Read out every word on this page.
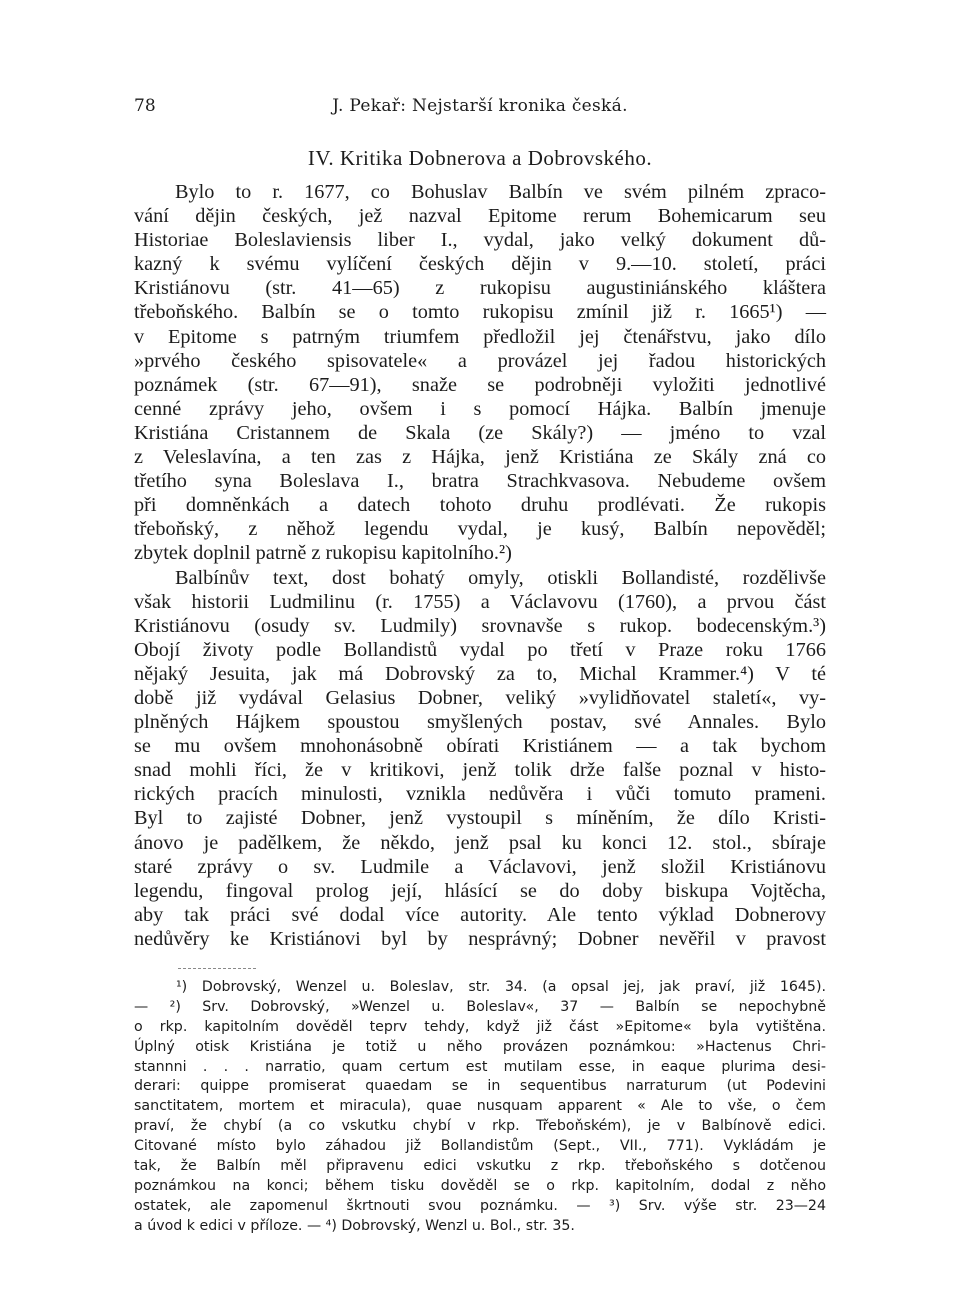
78	J. Pekař: Nejstarší kronika česká.
IV. Kritika Dobnerova a Dobrovského.
Bylo to r. 1677, co Bohuslav Balbín ve svém pilném zpraco-
vání dějin českých, jež nazval Epitome rerum Bohemicarum seu
Historiae Boleslaviensis liber I., vydal, jako velký dokument dů-
kazný k svému vylíčení českých dějin v 9.—10. století, práci
Kristiánovu (str. 41—65) z rukopisu augustiniánského kláštera
třeboňského. Balbín se o tomto rukopisu zmínil již r. 1665¹) —
v Epitome s patrným triumfem předložil jej čtenářstvu, jako dílo
»prvého českého spisovatele« a provázel jej řadou historických
poznámek (str. 67—91), snaže se podrobněji vyložiti jednotlivé
cenné zprávy jeho, ovšem i s pomocí Hájka. Balbín jmenuje
Kristiána Cristannem de Skala (ze Skály?) — jméno to vzal
z Veleslavína, a ten zas z Hájka, jenž Kristiána ze Skály zná co
třetího syna Boleslava I., bratra Strachkvasova. Nebudeme ovšem
při domněnkách a datech tohoto druhu prodlévati. Že rukopis
třeboňský, z něhož legendu vydal, je kusý, Balbín nepověděl;
zbytek doplnil patrně z rukopisu kapitolního.²)
Balbínův text, dost bohatý omyly, otiskli Bollandisté, rozdělivše
však historii Ludmilinu (r. 1755) a Václavovu (1760), a prvou část
Kristiánovu (osudy sv. Ludmily) srovnavše s rukop. bodecenským.³)
Obojí životy podle Bollandistů vydal po třetí v Praze roku 1766
nějaký Jesuita, jak má Dobrovský za to, Michal Krammer.⁴) V té
době již vydával Gelasius Dobner, veliký »vylidňovatel staletí«, vy-
plněných Hájkem spoustou smyšlených postav, své Annales. Bylo
se mu ovšem mnohonásobně obírati Kristiánem — a tak bychom
snad mohli říci, že v kritikovi, jenž tolik drže falše poznal v histo-
rických pracích minulosti, vznikla nedůvěra i vůči tomuto prameni.
Byl to zajisté Dobner, jenž vystoupil s míněním, že dílo Kristi-
ánovo je padělkem, že někdo, jenž psal ku konci 12. stol., sbíraje
staré zprávy o sv. Ludmile a Václavovi, jenž složil Kristiánovu
legendu, fingoval prolog její, hlásící se do doby biskupa Vojtěcha,
aby tak práci své dodal více autority. Ale tento výklad Dobnerovy
nedůvěry ke Kristiánovi byl by nesprávný; Dobner nevěřil v pravost
¹) Dobrovský, Wenzel u. Boleslav, str. 34. (a opsal jej, jak praví, již 1645).
— ²) Srv. Dobrovský, »Wenzel u. Boleslav«, 37 — Balbín se nepochybně
o rkp. kapitolním dověděl teprv tehdy, když již část »Epitome« byla vytištěna.
Úplný otisk Kristiána je totiž u něho provázen poznámkou: »Hactenus Chri-
stannni . . . narratio, quam certum est mutilam esse, in eaque plurima desi-
derari: quippe promiserat quaedam se in sequentibus narraturum (ut Podevini
sanctitatem, mortem et miracula), quae nusquam apparent « Ale to vše, o čem
praví, že chybí (a co vskutku chybí v rkp. Třeboňském), je v Balbínově edici.
Citované místo bylo záhadou již Bollandistům (Sept., VII., 771). Vykládám je
tak, že Balbín měl připravenu edici vskutku z rkp. třeboňského s dotčenou
poznámkou na konci; během tisku dověděl se o rkp. kapitolním, dodal z něho
ostatek, ale zapomenul škrtnouti svou poznámku. — ³) Srv. výše str. 23—24
a úvod k edici v příloze. — ⁴) Dobrovský, Wenzl u. Bol., str. 35.
